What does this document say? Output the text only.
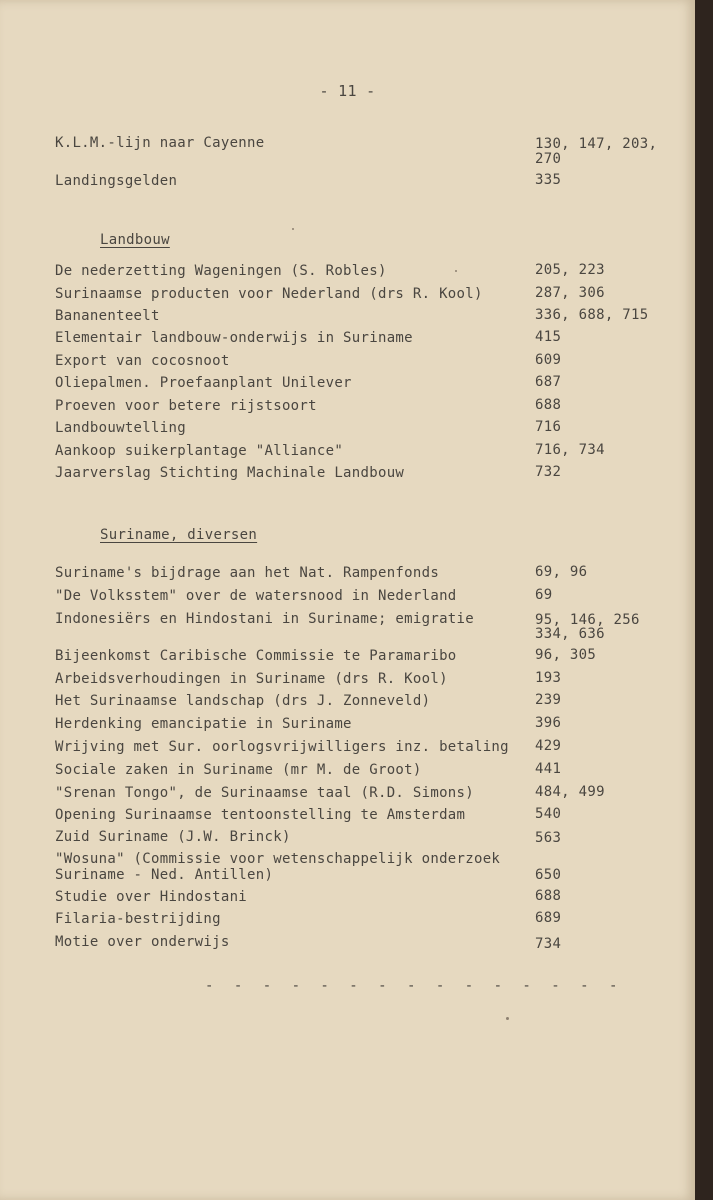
- 11 -
K.L.M.-lijn naar Cayenne	130, 147, 203,
270
Landingsgelden	335
Landbouw
De nederzetting Wageningen (S. Robles)	205, 223
Surinaamse producten voor Nederland (drs R. Kool)	287, 306
Bananenteelt	336, 688, 715
Elementair landbouw-onderwijs in Suriname	415
Export van cocosnoot	609
Oliepalmen. Proefaanplant Unilever	687
Proeven voor betere rijstsoort	688
Landbouwtelling	716
Aankoop suikerplantage "Alliance"	716, 734
Jaarverslag Stichting Machinale Landbouw	732
Suriname, diversen
Suriname's bijdrage aan het Nat. Rampenfonds	69, 96
"De Volksstem" over de watersnood in Nederland	69
Indonesiërs en Hindostani in Suriname; emigratie	95, 146, 256
334, 636
Bijeenkomst Caribische Commissie te Paramaribo	96, 305
Arbeidsverhoudingen in Suriname (drs R. Kool)	193
Het Surinaamse landschap (drs J. Zonneveld)	239
Herdenking emancipatie in Suriname	396
Wrijving met Sur. oorlogsvrijwilligers inz. betaling 429
Sociale zaken in Suriname (mr M. de Groot)	441
"Srenan Tongo", de Surinaamse taal (R.D. Simons)	484, 499
Opening Surinaamse tentoonstelling te Amsterdam	540
Zuid Suriname (J.W. Brinck)	563
"Wosuna" (Commissie voor wetenschappelijk onderzoek
Suriname - Ned. Antillen)	650
Studie over Hindostani	688
Filaria-bestrijding	689
Motie over onderwijs	734
- - - - - - - - - - - - - - -
